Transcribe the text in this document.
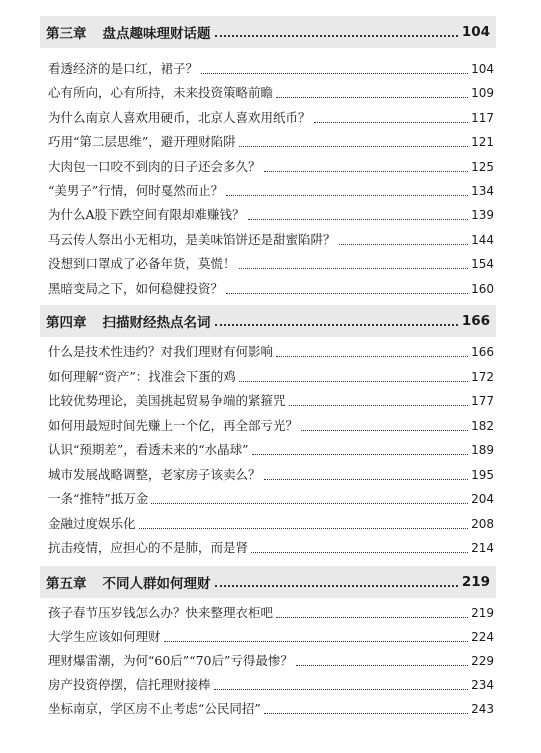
第三章 盘点趣味理财话题	104
看透经济的是口红，裙子？	104
心有所向，心有所持，未来投资策略前瞻	109
为什么南京人喜欢用硬币，北京人喜欢用纸币？	117
巧用“第二层思维”，避开理财陷阱	121
大肉包一口咬不到肉的日子还会多久？	125
“美男子”行情，何时戛然而止？	134
为什么A股下跌空间有限却难赚钱？	139
马云传人祭出小无相功，是美味馅饼还是甜蜜陷阱？	144
没想到口罩成了必备年货，莫慌！	154
黑暗变局之下，如何稳健投资？	160
第四章 扫描财经热点名词	166
什么是技术性违约？对我们理财有何影响	166
如何理解“资产”：找准会下蛋的鸡	172
比较优势理论，美国挑起贸易争端的紧箍咒	177
如何用最短时间先赚上一个亿，再全部亏光？	182
认识“预期差”，看透未来的“水晶球”	189
城市发展战略调整，老家房子该卖么？	195
一条“推特”抵万金	204
金融过度娱乐化	208
抗击疫情，应担心的不是肺，而是肾	214
第五章 不同人群如何理财	219
孩子春节压岁钱怎么办？快来整理衣柜吧	219
大学生应该如何理财	224
理财爆雷潮，为何“60后”“70后”亏得最惨？	229
房产投资停摆，信托理财接棒	234
坐标南京，学区房不止考虑“公民同招”	243
